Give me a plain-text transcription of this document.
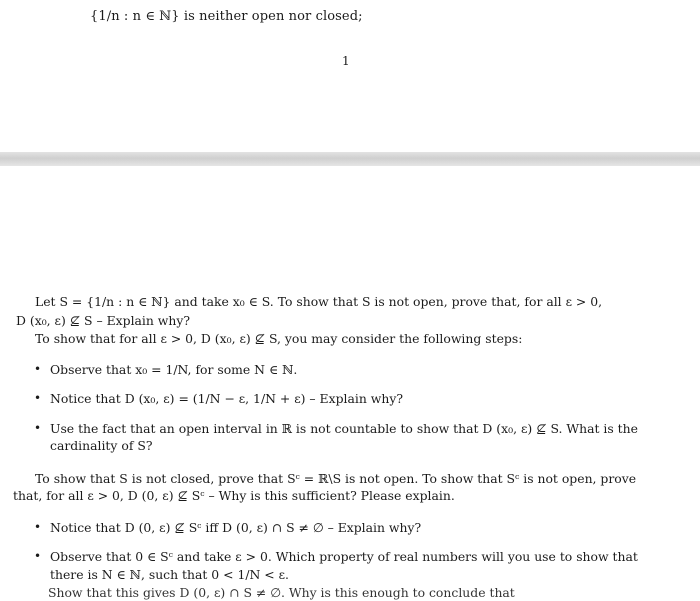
{1/n : n ∈ ℕ} is neither open nor closed;
1
Let S = {1/n : n ∈ ℕ} and take x₀ ∈ S. To show that S is not open, prove that, for all ε > 0,
D (x₀, ε) ⊈ S – Explain why?
To show that for all ε > 0, D (x₀, ε) ⊈ S, you may consider the following steps:
• Observe that x₀ = 1/N, for some N ∈ ℕ.
• Notice that D (x₀, ε) = (1/N − ε, 1/N + ε) – Explain why?
• Use the fact that an open interval in ℝ is not countable to show that D (x₀, ε) ⊈ S. What is the
cardinality of S?
To show that S is not closed, prove that Sᶜ = ℝ\S is not open. To show that Sᶜ is not open, prove
that, for all ε > 0, D (0, ε) ⊈ Sᶜ – Why is this sufficient? Please explain.
• Notice that D (0, ε) ⊈ Sᶜ iff D (0, ε) ∩ S ≠ ∅ – Explain why?
• Observe that 0 ∈ Sᶜ and take ε > 0. Which property of real numbers will you use to show that
there is N ∈ ℕ, such that 0 < 1/N < ε.
Show that this gives D (0, ε) ∩ S ≠ ∅. Why is this enough to conclude that
